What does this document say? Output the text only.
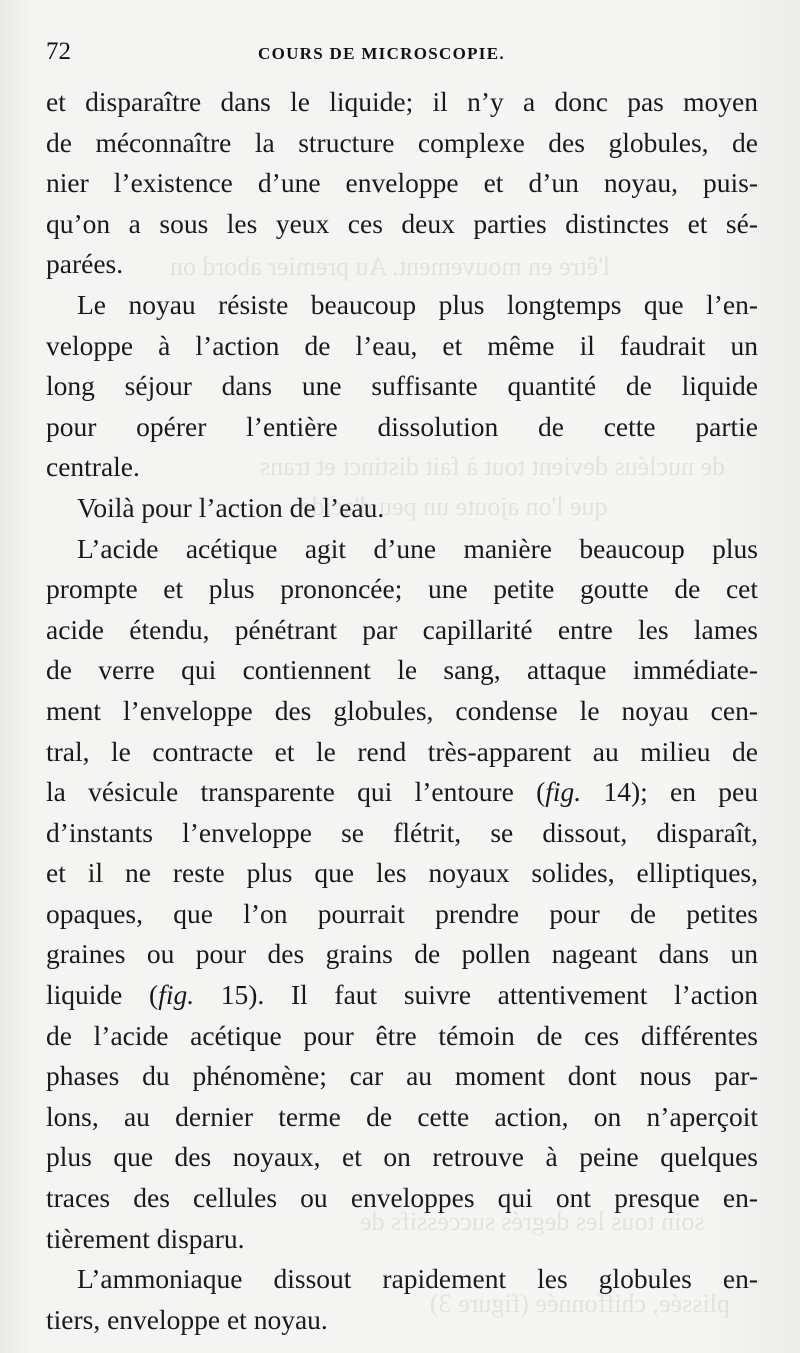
l'être en mouvement. Au premier abord on
de nucléus devient tout à fait distinct et trans
que l'on ajoute un peu d'acide
soin tous les degrés successifs de
plissée, chiffonnée (figure 3)
72	COURS DE MICROSCOPIE.
et disparaître dans le liquide; il n’y a donc pas moyen
de méconnaître la structure complexe des globules, de
nier l’existence d’une enveloppe et d’un noyau, puis-
qu’on a sous les yeux ces deux parties distinctes et sé-
parées.
Le noyau résiste beaucoup plus longtemps que l’en-
veloppe à l’action de l’eau, et même il faudrait un
long séjour dans une suffisante quantité de liquide
pour opérer l’entière dissolution de cette partie
centrale.
Voilà pour l’action de l’eau.
L’acide acétique agit d’une manière beaucoup plus
prompte et plus prononcée; une petite goutte de cet
acide étendu, pénétrant par capillarité entre les lames
de verre qui contiennent le sang, attaque immédiate-
ment l’enveloppe des globules, condense le noyau cen-
tral, le contracte et le rend très-apparent au milieu de
la vésicule transparente qui l’entoure (fig. 14); en peu
d’instants l’enveloppe se flétrit, se dissout, disparaît,
et il ne reste plus que les noyaux solides, elliptiques,
opaques, que l’on pourrait prendre pour de petites
graines ou pour des grains de pollen nageant dans un
liquide (fig. 15). Il faut suivre attentivement l’action
de l’acide acétique pour être témoin de ces différentes
phases du phénomène; car au moment dont nous par-
lons, au dernier terme de cette action, on n’aperçoit
plus que des noyaux, et on retrouve à peine quelques
traces des cellules ou enveloppes qui ont presque en-
tièrement disparu.
L’ammoniaque dissout rapidement les globules en-
tiers, enveloppe et noyau.
